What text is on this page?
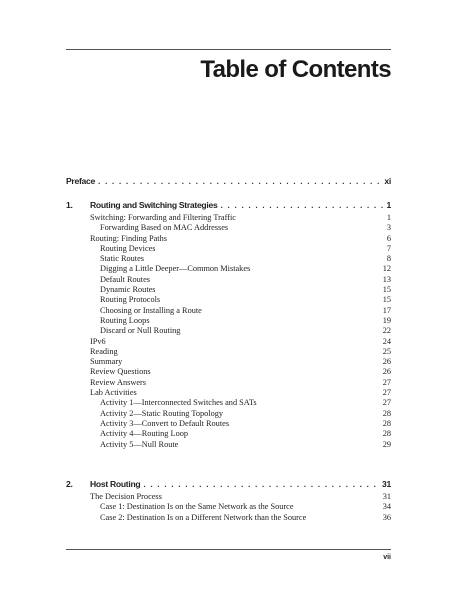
Table of Contents
Preface . . .	xi
1.	Routing and Switching Strategies . . .	1
Switching: Forwarding and Filtering Traffic	1
Forwarding Based on MAC Addresses	3
Routing: Finding Paths	6
Routing Devices	7
Static Routes	8
Digging a Little Deeper—Common Mistakes	12
Default Routes	13
Dynamic Routes	15
Routing Protocols	15
Choosing or Installing a Route	17
Routing Loops	19
Discard or Null Routing	22
IPv6	24
Reading	25
Summary	26
Review Questions	26
Review Answers	27
Lab Activities	27
Activity 1—Interconnected Switches and SATs	27
Activity 2—Static Routing Topology	28
Activity 3—Convert to Default Routes	28
Activity 4—Routing Loop	28
Activity 5—Null Route	29
2.	Host Routing . . .	31
The Decision Process	31
Case 1: Destination Is on the Same Network as the Source	34
Case 2: Destination Is on a Different Network than the Source	36
vii
